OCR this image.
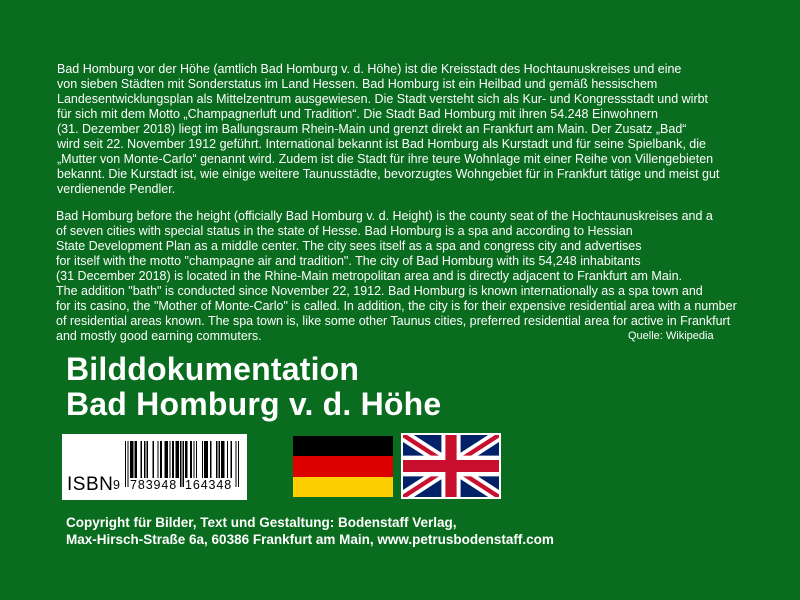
Bad Homburg vor der Höhe (amtlich Bad Homburg v. d. Höhe) ist die Kreisstadt des Hochtaunuskreises und eine
von sieben Städten mit Sonderstatus im Land Hessen. Bad Homburg ist ein Heilbad und gemäß hessischem
Landesentwicklungsplan als Mittelzentrum ausgewiesen. Die Stadt versteht sich als Kur- und Kongressstadt und wirbt
für sich mit dem Motto „Champagnerluft und Tradition“. Die Stadt Bad Homburg mit ihren 54.248 Einwohnern
(31. Dezember 2018) liegt im Ballungsraum Rhein-Main und grenzt direkt an Frankfurt am Main. Der Zusatz „Bad“
wird seit 22. November 1912 geführt. International bekannt ist Bad Homburg als Kurstadt und für seine Spielbank, die
„Mutter von Monte-Carlo“ genannt wird. Zudem ist die Stadt für ihre teure Wohnlage mit einer Reihe von Villengebieten
bekannt. Die Kurstadt ist, wie einige weitere Taunusstädte, bevorzugtes Wohngebiet für in Frankfurt tätige und meist gut
verdienende Pendler.
Bad Homburg before the height (officially Bad Homburg v. d. Height) is the county seat of the Hochtaunuskreises and a
of seven cities with special status in the state of Hesse. Bad Homburg is a spa and according to Hessian
State Development Plan as a middle center. The city sees itself as a spa and congress city and advertises
for itself with the motto "champagne air and tradition". The city of Bad Homburg with its 54,248 inhabitants
(31 December 2018) is located in the Rhine-Main metropolitan area and is directly adjacent to Frankfurt am Main.
The addition "bath" is conducted since November 22, 1912. Bad Homburg is known internationally as a spa town and
for its casino, the "Mother of Monte-Carlo" is called. In addition, the city is for their expensive residential area with a number
of residential areas known. The spa town is, like some other Taunus cities, preferred residential area for active in Frankfurt
and mostly good earning commuters.	Quelle: Wikipedia
Bilddokumentation
Bad Homburg v. d. Höhe
ISBN 9 783948 164348
Copyright für Bilder, Text und Gestaltung: Bodenstaff Verlag,
Max-Hirsch-Straße 6a, 60386 Frankfurt am Main, www.petrusbodenstaff.com
